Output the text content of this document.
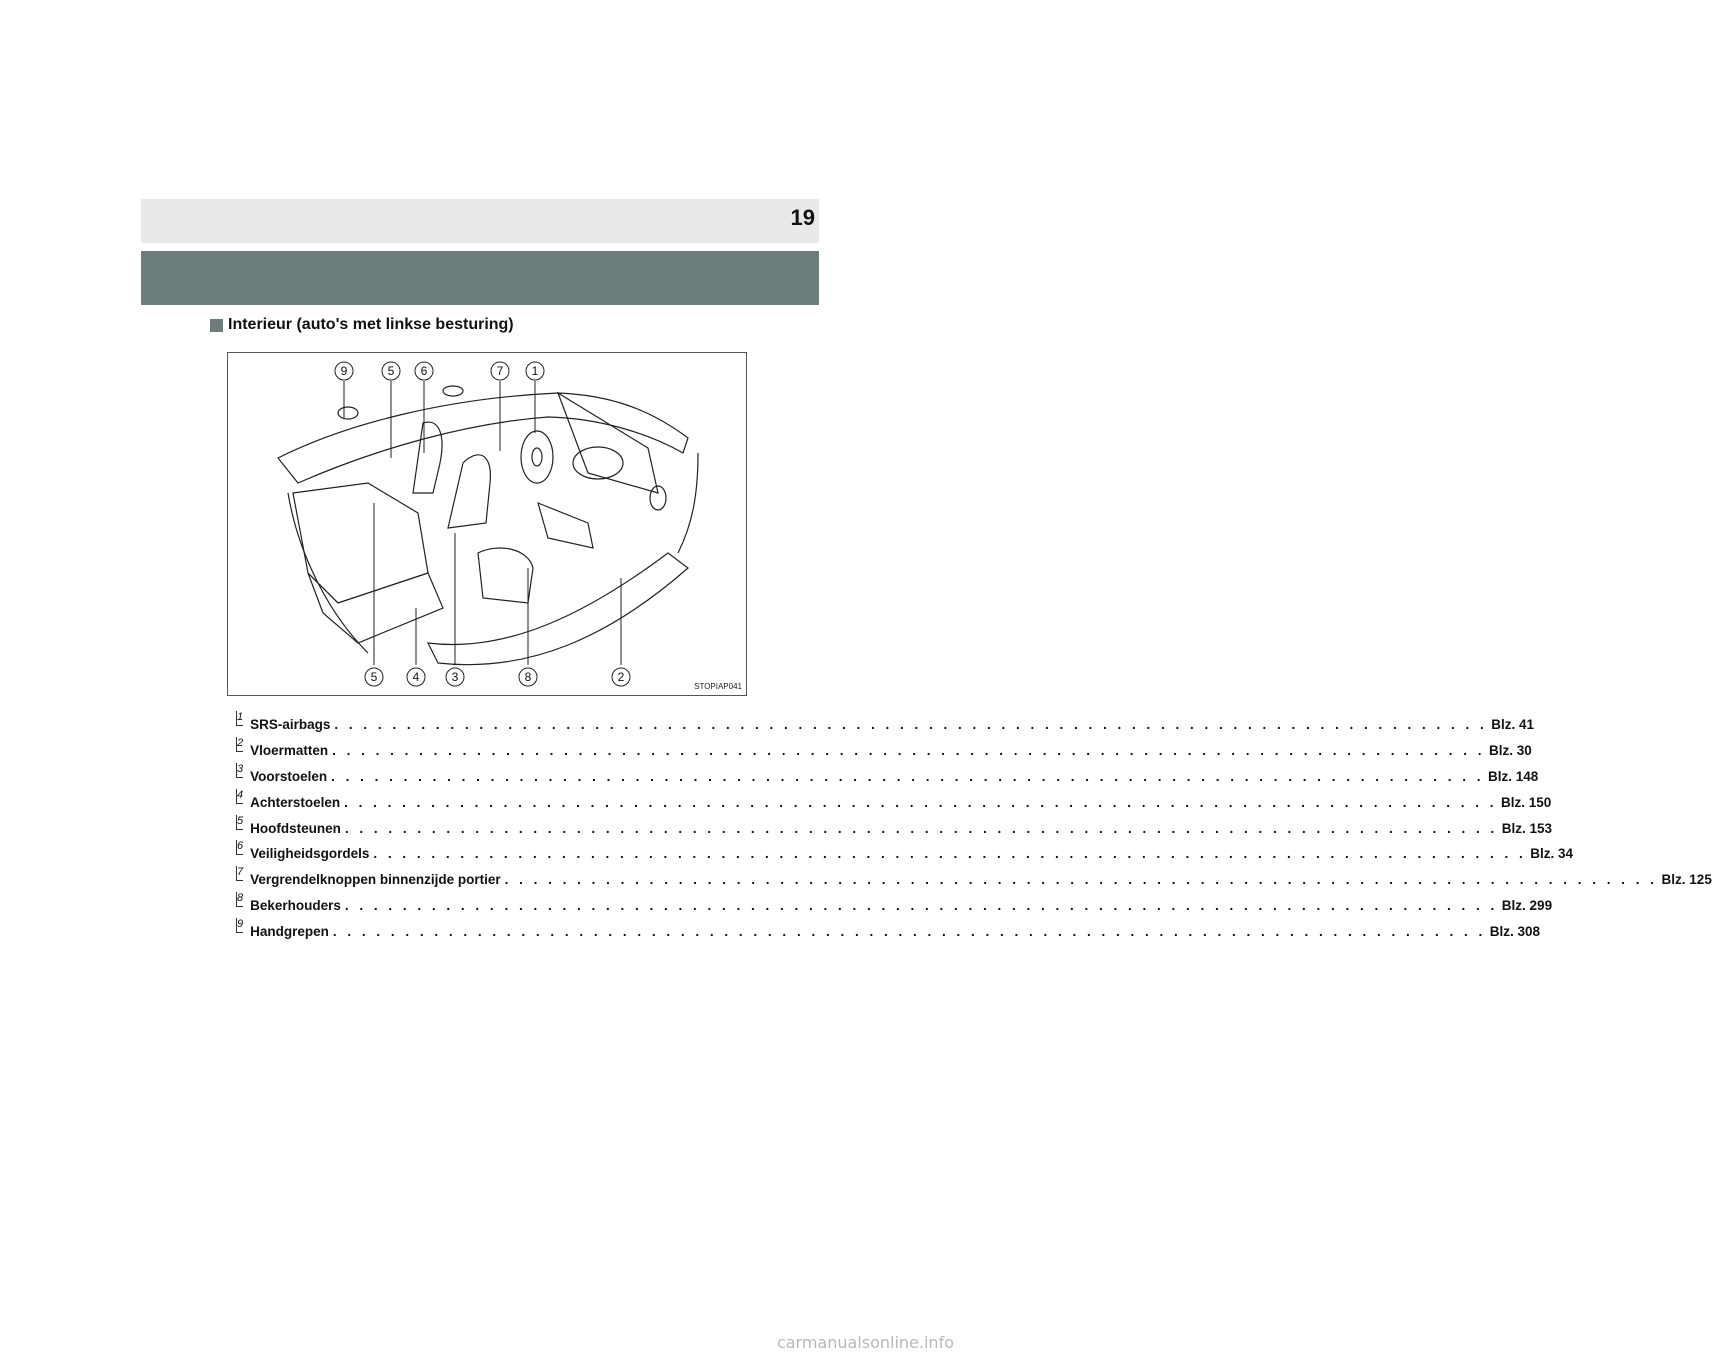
19
Interieur (auto's met linkse besturing)
9	5 6	7 1
5	4	3	8	2
STOPIAP041
1 SRS-airbags . . . . . . . . . . . . . . . . . . . . . . . . . . . . . . . . . . . . . . . . . . . . . . . . . . . . . . . . . . . . . . . . . . . . . . . . . . . . . . . . Blz. 41
2 Vloermatten . . . . . . . . . . . . . . . . . . . . . . . . . . . . . . . . . . . . . . . . . . . . . . . . . . . . . . . . . . . . . . . . . . . . . . . . . . . . . . . . Blz. 30
3 Voorstoelen . . . . . . . . . . . . . . . . . . . . . . . . . . . . . . . . . . . . . . . . . . . . . . . . . . . . . . . . . . . . . . . . . . . . . . . . . . . . . . . . Blz. 148
4 Achterstoelen . . . . . . . . . . . . . . . . . . . . . . . . . . . . . . . . . . . . . . . . . . . . . . . . . . . . . . . . . . . . . . . . . . . . . . . . . . . . . . . . Blz. 150
5 Hoofdsteunen . . . . . . . . . . . . . . . . . . . . . . . . . . . . . . . . . . . . . . . . . . . . . . . . . . . . . . . . . . . . . . . . . . . . . . . . . . . . . . . . Blz. 153
6 Veiligheidsgordels . . . . . . . . . . . . . . . . . . . . . . . . . . . . . . . . . . . . . . . . . . . . . . . . . . . . . . . . . . . . . . . . . . . . . . . . . . . . . . . . Blz. 34
7 Vergrendelknoppen binnenzijde portier . . . . . . . . . . . . . . . . . . . . . . . . . . . . . . . . . . . . . . . . . . . . . . . . . . . . . . . . . . . . . . . . . . . . . . . . . . . . . . . . Blz. 125
8 Bekerhouders . . . . . . . . . . . . . . . . . . . . . . . . . . . . . . . . . . . . . . . . . . . . . . . . . . . . . . . . . . . . . . . . . . . . . . . . . . . . . . . . Blz. 299
9 Handgrepen . . . . . . . . . . . . . . . . . . . . . . . . . . . . . . . . . . . . . . . . . . . . . . . . . . . . . . . . . . . . . . . . . . . . . . . . . . . . . . . . Blz. 308
carmanualsonline.info
